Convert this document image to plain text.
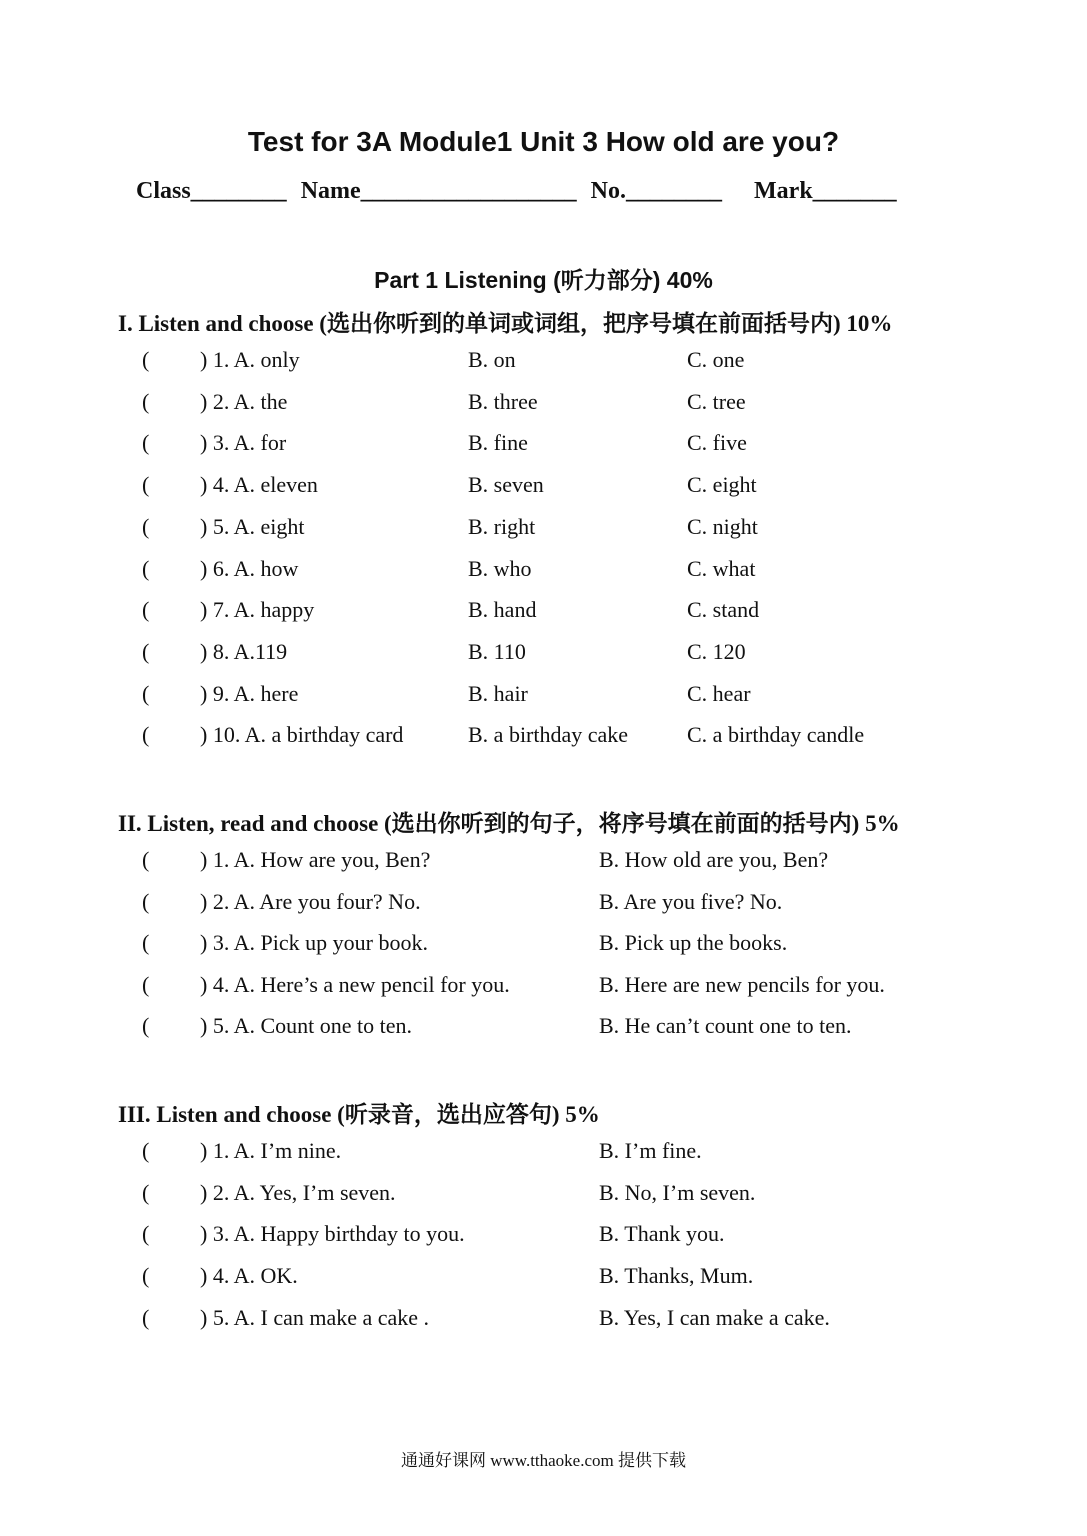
Test for 3A Module1 Unit 3 How old are you?
Class________ Name__________________ No.________ Mark_______
Part 1 Listening (听力部分) 40%
I. Listen and choose (选出你听到的单词或词组，把序号填在前面括号内) 10%
( ) 1. A. only	B. on	C. one
( ) 2. A. the	B. three	C. tree
( ) 3. A. for	B. fine	C. five
( ) 4. A. eleven	B. seven	C. eight
( ) 5. A. eight	B. right	C. night
( ) 6. A. how	B. who	C. what
( ) 7. A. happy	B. hand	C. stand
( ) 8. A.119	B. 110	C. 120
( ) 9. A. here	B. hair	C. hear
( ) 10. A. a birthday card	B. a birthday cake	C. a birthday candle
II. Listen, read and choose (选出你听到的句子，将序号填在前面的括号内) 5%
( ) 1. A. How are you, Ben?	B. How old are you, Ben?
( ) 2. A. Are you four? No.	B. Are you five? No.
( ) 3. A. Pick up your book.	B. Pick up the books.
( ) 4. A. Here’s a new pencil for you.	B. Here are new pencils for you.
( ) 5. A. Count one to ten.	B. He can’t count one to ten.
III. Listen and choose (听录音，选出应答句) 5%
( ) 1. A. I’m nine.	B. I’m fine.
( ) 2. A. Yes, I’m seven.	B. No, I’m seven.
( ) 3. A. Happy birthday to you.	B. Thank you.
( ) 4. A. OK.	B. Thanks, Mum.
( ) 5. A. I can make a cake .	B. Yes, I can make a cake.
通通好课网 www.tthaoke.com 提供下载
